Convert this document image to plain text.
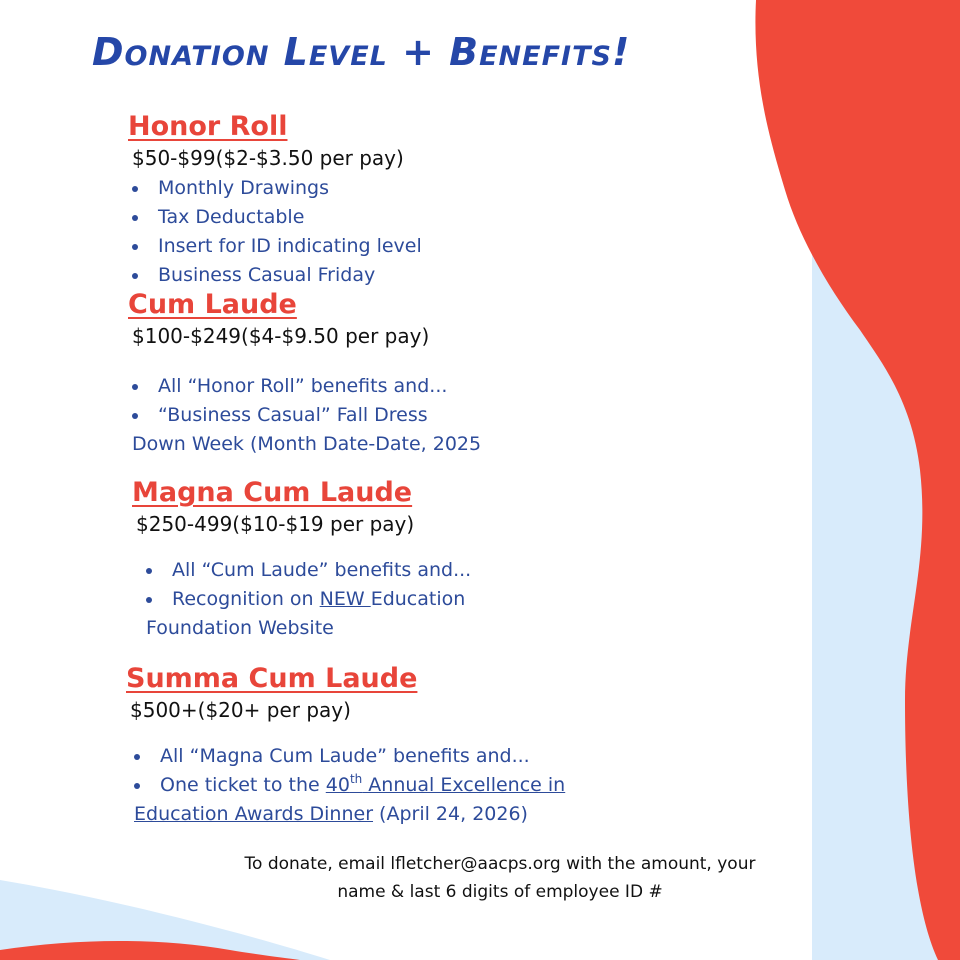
Donation Level + Benefits!
Honor Roll
$50-$99($2-$3.50 per pay)
Monthly Drawings
Tax Deductable
Insert for ID indicating level
Business Casual Friday
Cum Laude
$100-$249($4-$9.50 per pay)
All “Honor Roll” benefits and...
“Business Casual” Fall Dress
Down Week (Month Date-Date, 2025
Magna Cum Laude
$250-499($10-$19 per pay)
All “Cum Laude” benefits and...
Recognition on NEW Education
Foundation Website
Summa Cum Laude
$500+($20+ per pay)
All “Magna Cum Laude” benefits and...
One ticket to the 40th Annual Excellence in
Education Awards Dinner (April 24, 2026)
To donate, email lfletcher@aacps.org with the amount, your
name & last 6 digits of employee ID #
